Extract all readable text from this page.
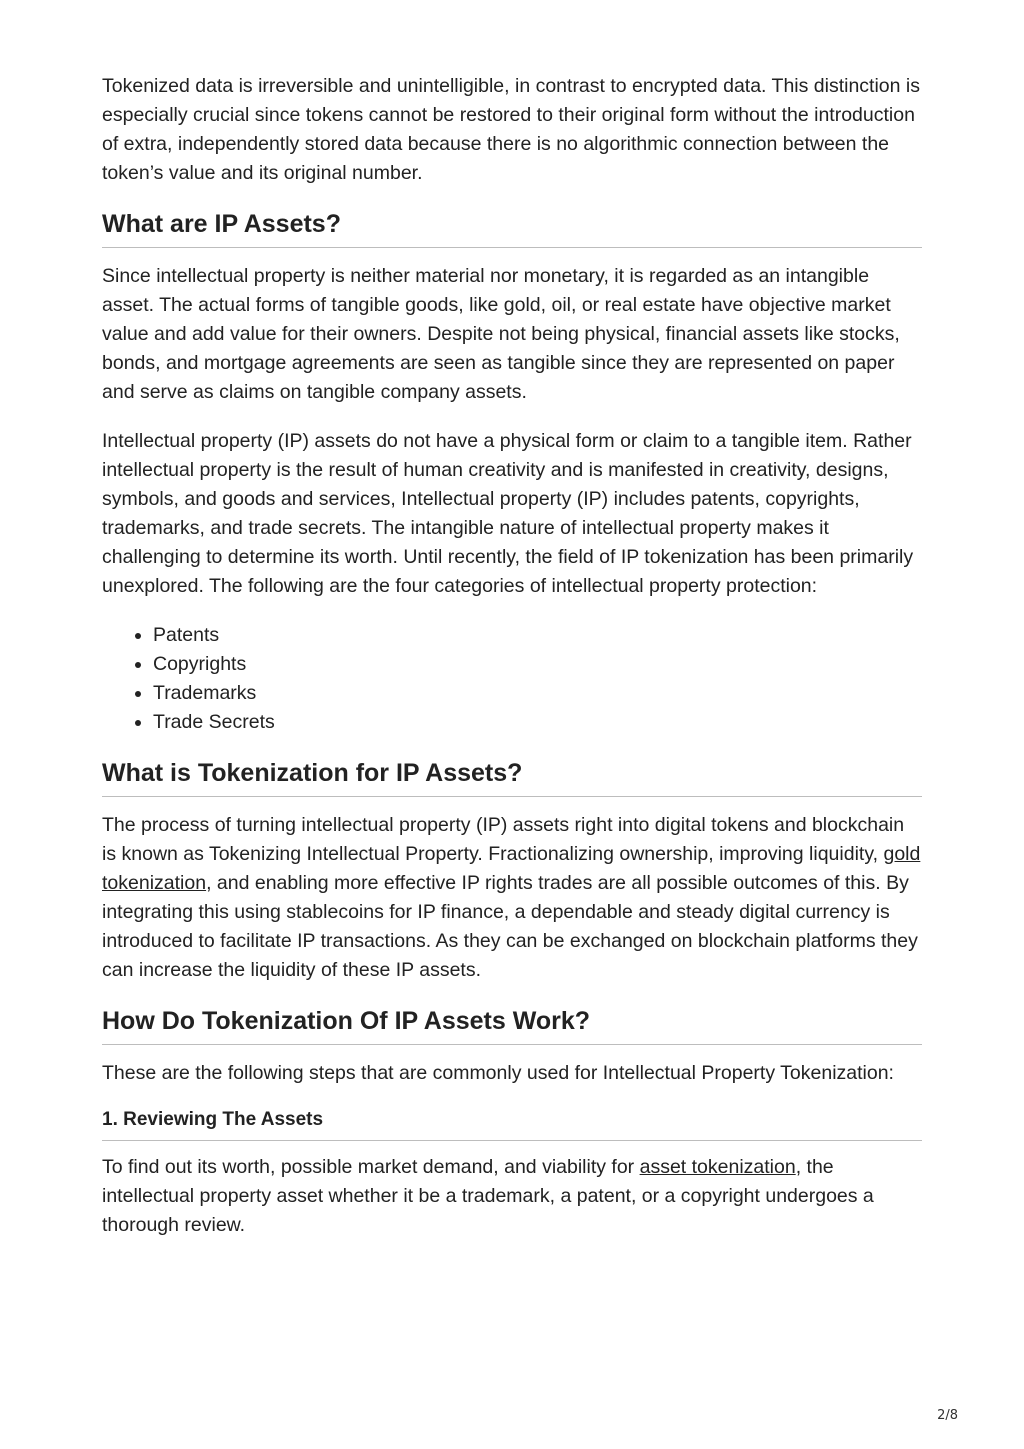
Tokenized data is irreversible and unintelligible, in contrast to encrypted data. This distinction is especially crucial since tokens cannot be restored to their original form without the introduction of extra, independently stored data because there is no algorithmic connection between the token’s value and its original number.

What are IP Assets?

Since intellectual property is neither material nor monetary, it is regarded as an intangible asset. The actual forms of tangible goods, like gold, oil, or real estate have objective market value and add value for their owners. Despite not being physical, financial assets like stocks, bonds, and mortgage agreements are seen as tangible since they are represented on paper and serve as claims on tangible company assets.

Intellectual property (IP) assets do not have a physical form or claim to a tangible item. Rather intellectual property is the result of human creativity and is manifested in creativity, designs, symbols, and goods and services, Intellectual property (IP) includes patents, copyrights, trademarks, and trade secrets. The intangible nature of intellectual property makes it challenging to determine its worth. Until recently, the field of IP tokenization has been primarily unexplored. The following are the four categories of intellectual property protection:

• Patents
• Copyrights
• Trademarks
• Trade Secrets
What is Tokenization for IP Assets?

The process of turning intellectual property (IP) assets right into digital tokens and blockchain is known as Tokenizing Intellectual Property. Fractionalizing ownership, improving liquidity, gold tokenization, and enabling more effective IP rights trades are all possible outcomes of this. By integrating this using stablecoins for IP finance, a dependable and steady digital currency is introduced to facilitate IP transactions. As they can be exchanged on blockchain platforms they can increase the liquidity of these IP assets.

How Do Tokenization Of IP Assets Work?

These are the following steps that are commonly used for Intellectual Property Tokenization:

1. Reviewing The Assets

To find out its worth, possible market demand, and viability for asset tokenization, the intellectual property asset whether it be a trademark, a patent, or a copyright undergoes a thorough review.

2/8
